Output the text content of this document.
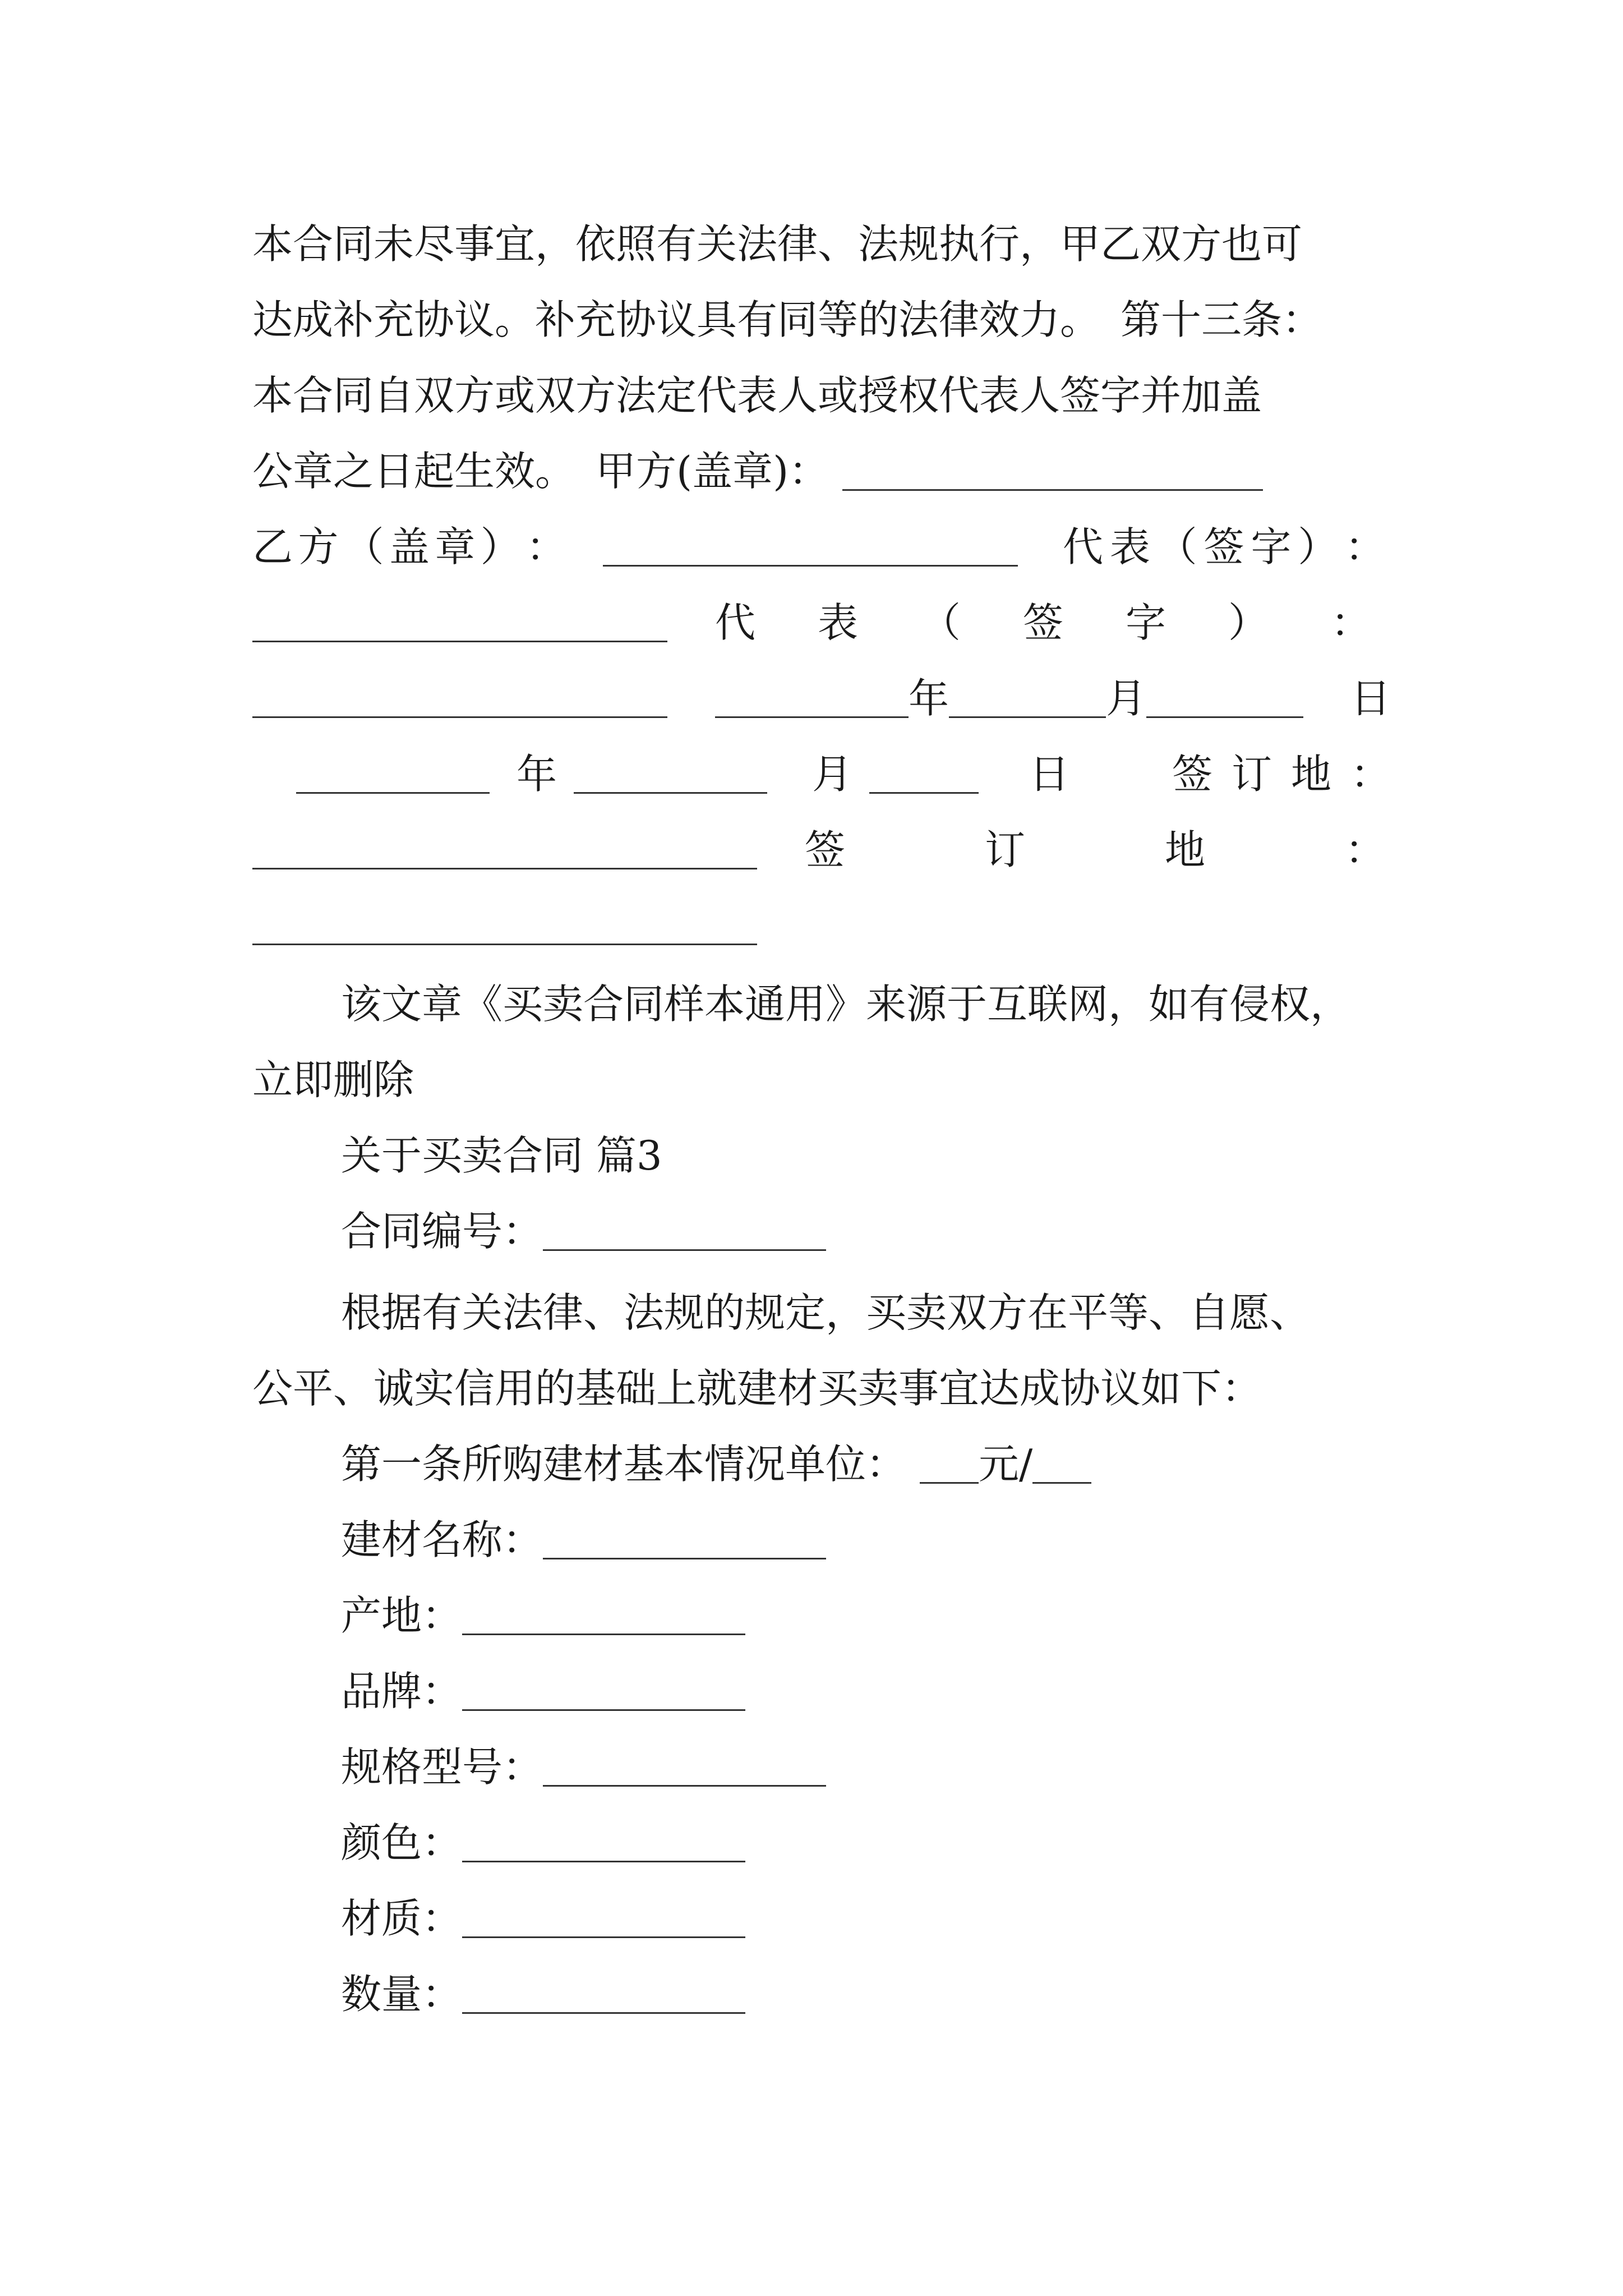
本合同未尽事宜，依照有关法律、法规执行，甲乙双方也可
达成补充协议。补充协议具有同等的法律效力。　第十三条：
本合同自双方或双方法定代表人或授权代表人签字并加盖
公章之日起生效。　甲方(盖章)：
乙 方 （ 盖 章 ） ：	代 表 （ 签 字 ） ：
代 表 （ 签 字 ） ：
年	月	日
年	月	日	签 订 地 ：
签	订	地	：
该文章《买卖合同样本通用》来源于互联网，如有侵权，
立即删除
关于买卖合同 篇3
合同编号：
根据有关法律、法规的规定，买卖双方在平等、自愿、
公平、诚实信用的基础上就建材买卖事宜达成协议如下：
第一条所购建材基本情况单位： 元/
建材名称：
产地：
品牌：
规格型号：
颜色：
材质：
数量：
